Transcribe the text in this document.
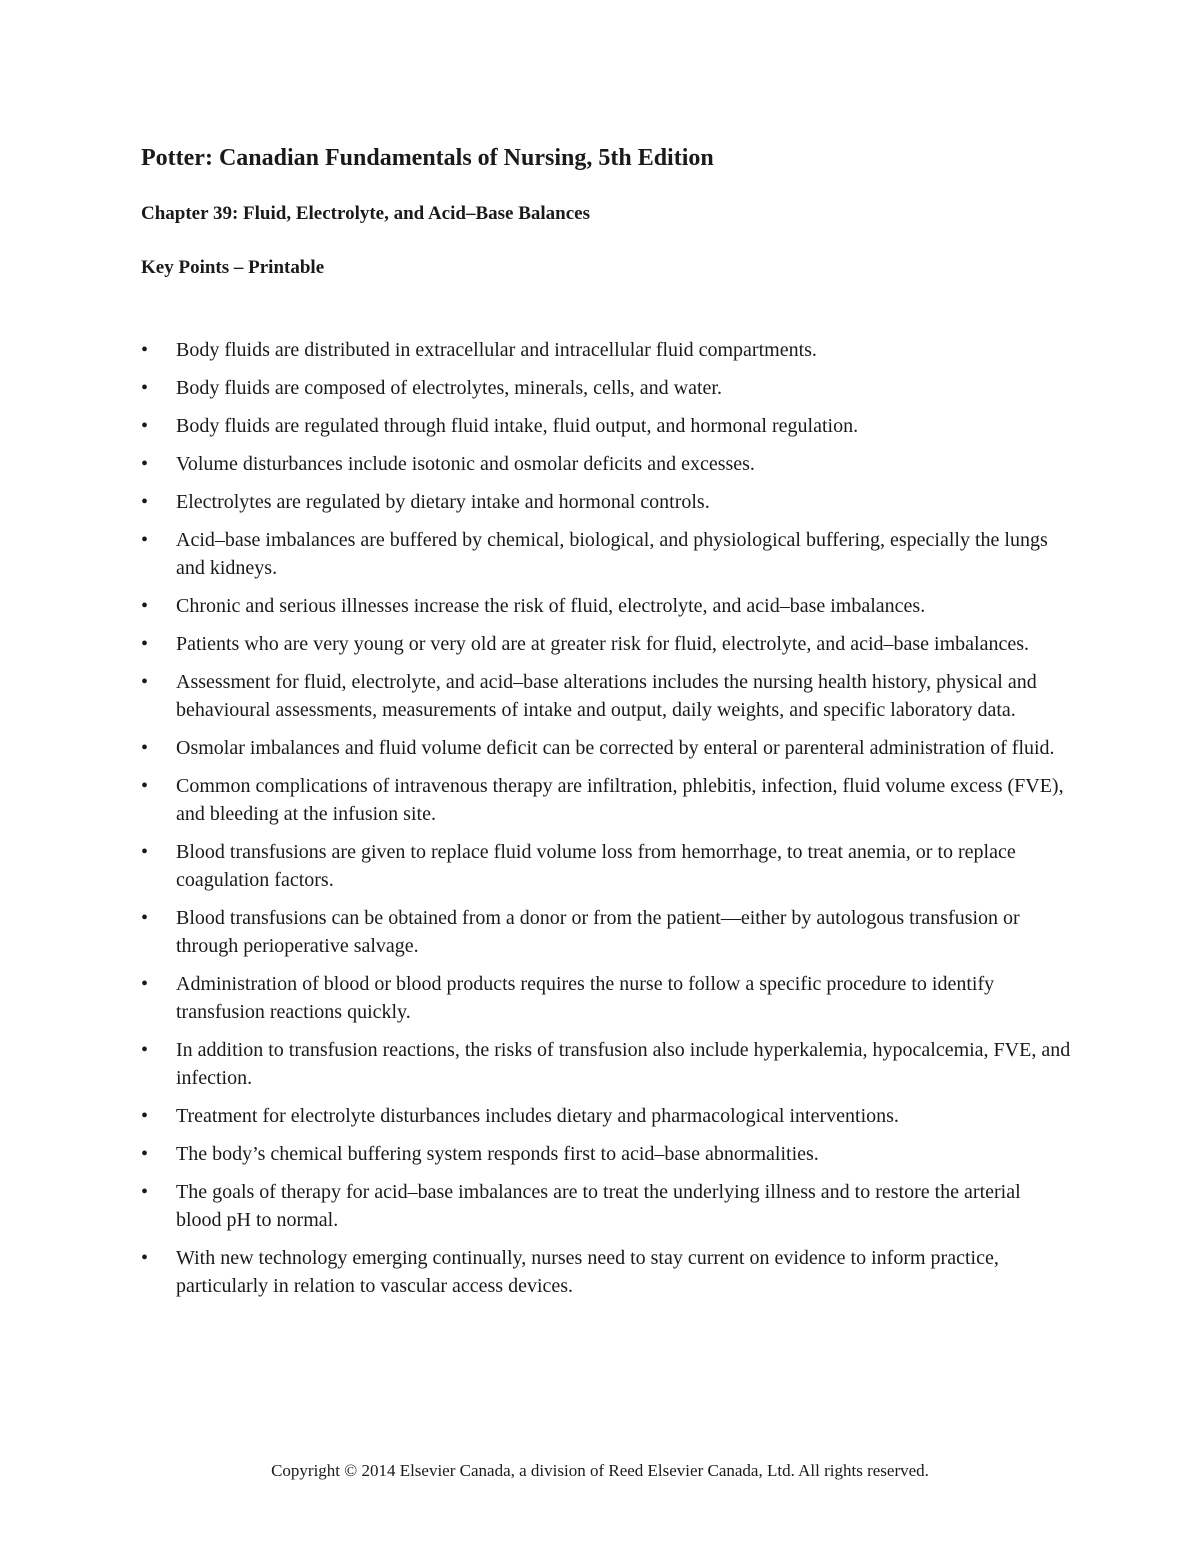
Potter: Canadian Fundamentals of Nursing, 5th Edition
Chapter 39: Fluid, Electrolyte, and Acid–Base Balances
Key Points – Printable
•	Body fluids are distributed in extracellular and intracellular fluid compartments.
•	Body fluids are composed of electrolytes, minerals, cells, and water.
•	Body fluids are regulated through fluid intake, fluid output, and hormonal regulation.
•	Volume disturbances include isotonic and osmolar deficits and excesses.
•	Electrolytes are regulated by dietary intake and hormonal controls.
•	Acid–base imbalances are buffered by chemical, biological, and physiological buffering, especially the lungs and kidneys.
•	Chronic and serious illnesses increase the risk of fluid, electrolyte, and acid–base imbalances.
•	Patients who are very young or very old are at greater risk for fluid, electrolyte, and acid–base imbalances.
•	Assessment for fluid, electrolyte, and acid–base alterations includes the nursing health history, physical and behavioural assessments, measurements of intake and output, daily weights, and specific laboratory data.
•	Osmolar imbalances and fluid volume deficit can be corrected by enteral or parenteral administration of fluid.
•	Common complications of intravenous therapy are infiltration, phlebitis, infection, fluid volume excess (FVE), and bleeding at the infusion site.
•	Blood transfusions are given to replace fluid volume loss from hemorrhage, to treat anemia, or to replace coagulation factors.
•	Blood transfusions can be obtained from a donor or from the patient—either by autologous transfusion or through perioperative salvage.
•	Administration of blood or blood products requires the nurse to follow a specific procedure to identify transfusion reactions quickly.
•	In addition to transfusion reactions, the risks of transfusion also include hyperkalemia, hypocalcemia, FVE, and infection.
•	Treatment for electrolyte disturbances includes dietary and pharmacological interventions.
•	The body’s chemical buffering system responds first to acid–base abnormalities.
•	The goals of therapy for acid–base imbalances are to treat the underlying illness and to restore the arterial blood pH to normal.
•	With new technology emerging continually, nurses need to stay current on evidence to inform practice, particularly in relation to vascular access devices.
Copyright © 2014 Elsevier Canada, a division of Reed Elsevier Canada, Ltd. All rights reserved.
